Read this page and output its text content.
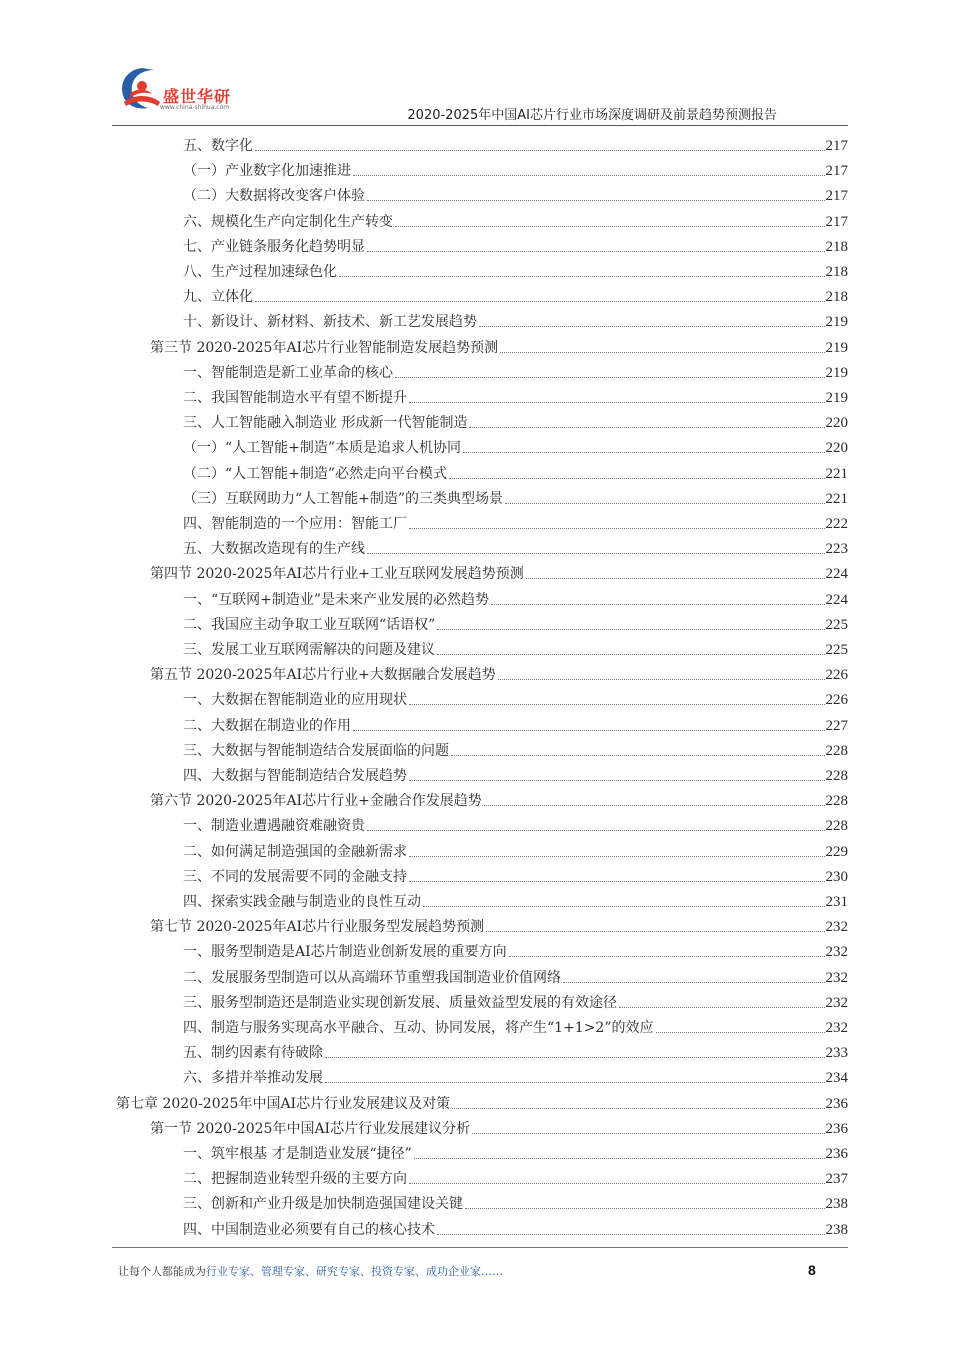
盛世华研
www.china-shihua.com
2020-2025年中国AI芯片行业市场深度调研及前景趋势预测报告
五、数字化	217
（一）产业数字化加速推进	217
（二）大数据将改变客户体验	217
六、规模化生产向定制化生产转变	217
七、产业链条服务化趋势明显	218
八、生产过程加速绿色化	218
九、立体化	218
十、新设计、新材料、新技术、新工艺发展趋势	219
第三节 2020-2025年AI芯片行业智能制造发展趋势预测	219
一、智能制造是新工业革命的核心	219
二、我国智能制造水平有望不断提升	219
三、人工智能融入制造业 形成新一代智能制造	220
（一）“人工智能+制造”本质是追求人机协同	220
（二）“人工智能+制造”必然走向平台模式	221
（三）互联网助力“人工智能+制造”的三类典型场景	221
四、智能制造的一个应用：智能工厂	222
五、大数据改造现有的生产线	223
第四节 2020-2025年AI芯片行业+工业互联网发展趋势预测	224
一、“互联网+制造业”是未来产业发展的必然趋势	224
二、我国应主动争取工业互联网“话语权”	225
三、发展工业互联网需解决的问题及建议	225
第五节 2020-2025年AI芯片行业+大数据融合发展趋势	226
一、大数据在智能制造业的应用现状	226
二、大数据在制造业的作用	227
三、大数据与智能制造结合发展面临的问题	228
四、大数据与智能制造结合发展趋势	228
第六节 2020-2025年AI芯片行业+金融合作发展趋势	228
一、制造业遭遇融资难融资贵	228
二、如何满足制造强国的金融新需求	229
三、不同的发展需要不同的金融支持	230
四、探索实践金融与制造业的良性互动	231
第七节 2020-2025年AI芯片行业服务型发展趋势预测	232
一、服务型制造是AI芯片制造业创新发展的重要方向	232
二、发展服务型制造可以从高端环节重塑我国制造业价值网络	232
三、服务型制造还是制造业实现创新发展、质量效益型发展的有效途径	232
四、制造与服务实现高水平融合、互动、协同发展，将产生“1+1>2”的效应	232
五、制约因素有待破除	233
六、多措并举推动发展	234
第七章 2020-2025年中国AI芯片行业发展建议及对策	236
第一节 2020-2025年中国AI芯片行业发展建议分析	236
一、筑牢根基 才是制造业发展“捷径”	236
二、把握制造业转型升级的主要方向	237
三、创新和产业升级是加快制造强国建设关键	238
四、中国制造业必须要有自己的核心技术	238
让每个人都能成为行业专家、管理专家、研究专家、投资专家、成功企业家……	8
